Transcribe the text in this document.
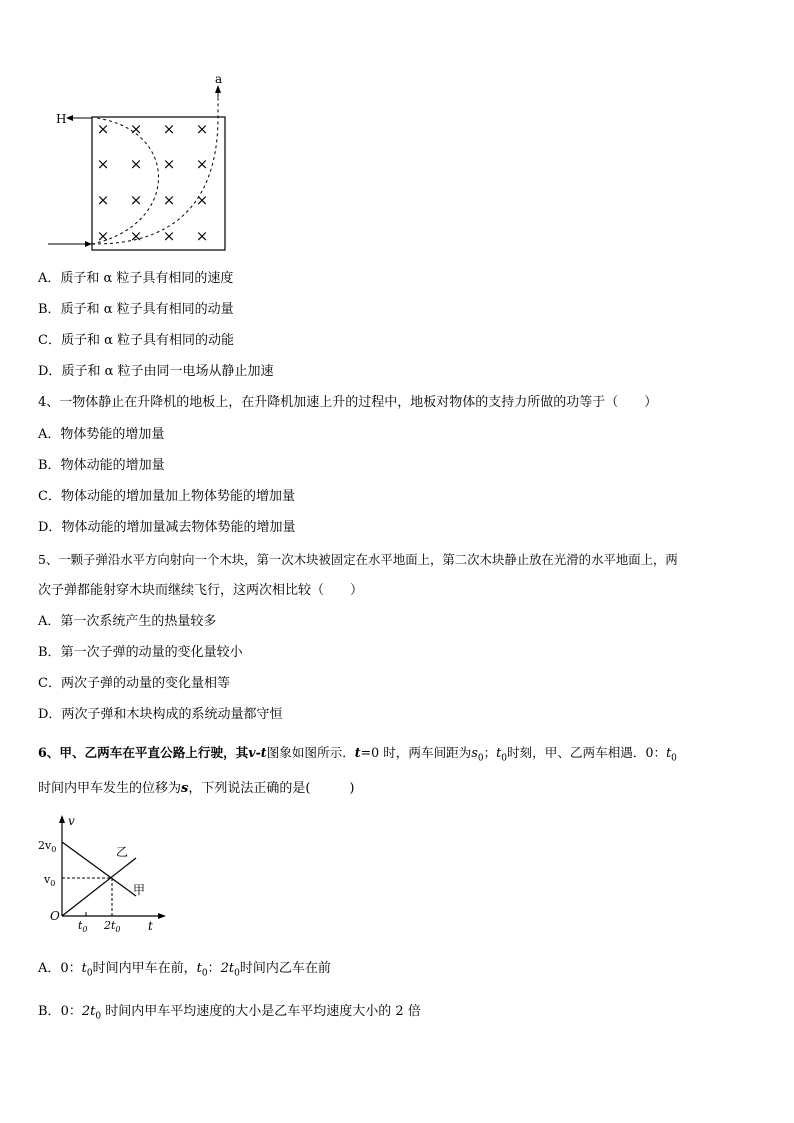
× × × ×
× × × ×
× × × ×
× × × ×
a
H
A．质子和 α 粒子具有相同的速度
B．质子和 α 粒子具有相同的动量
C．质子和 α 粒子具有相同的动能
D．质子和 α 粒子由同一电场从静止加速
4、一物体静止在升降机的地板上，在升降机加速上升的过程中，地板对物体的支持力所做的功等于（　　）
A．物体势能的增加量
B．物体动能的增加量
C．物体动能的增加量加上物体势能的增加量
D．物体动能的增加量减去物体势能的增加量
5、一颗子弹沿水平方向射向一个木块，第一次木块被固定在水平地面上，第二次木块静止放在光滑的水平地面上，两
次子弹都能射穿木块而继续飞行，这两次相比较（　　）
A．第一次系统产生的热量较多
B．第一次子弹的动量的变化量较小
C．两次子弹的动量的变化量相等
D．两次子弹和木块构成的系统动量都守恒
6、甲、乙两车在平直公路上行驶，其v-t图象如图所示．t=0 时，两车间距为$s_0$；$t_0$时刻，甲、乙两车相遇．0：$t_0$
时间内甲车发生的位移为s，下列说法正确的是(　　　)
v
t
O
$2v_0$
$v_0$
$t_0$ $2t_0$
乙
甲
A．0：$t_0$时间内甲车在前，$t_0$：$2t_0$时间内乙车在前
B．0：$2t_0$ 时间内甲车平均速度的大小是乙车平均速度大小的 2 倍
